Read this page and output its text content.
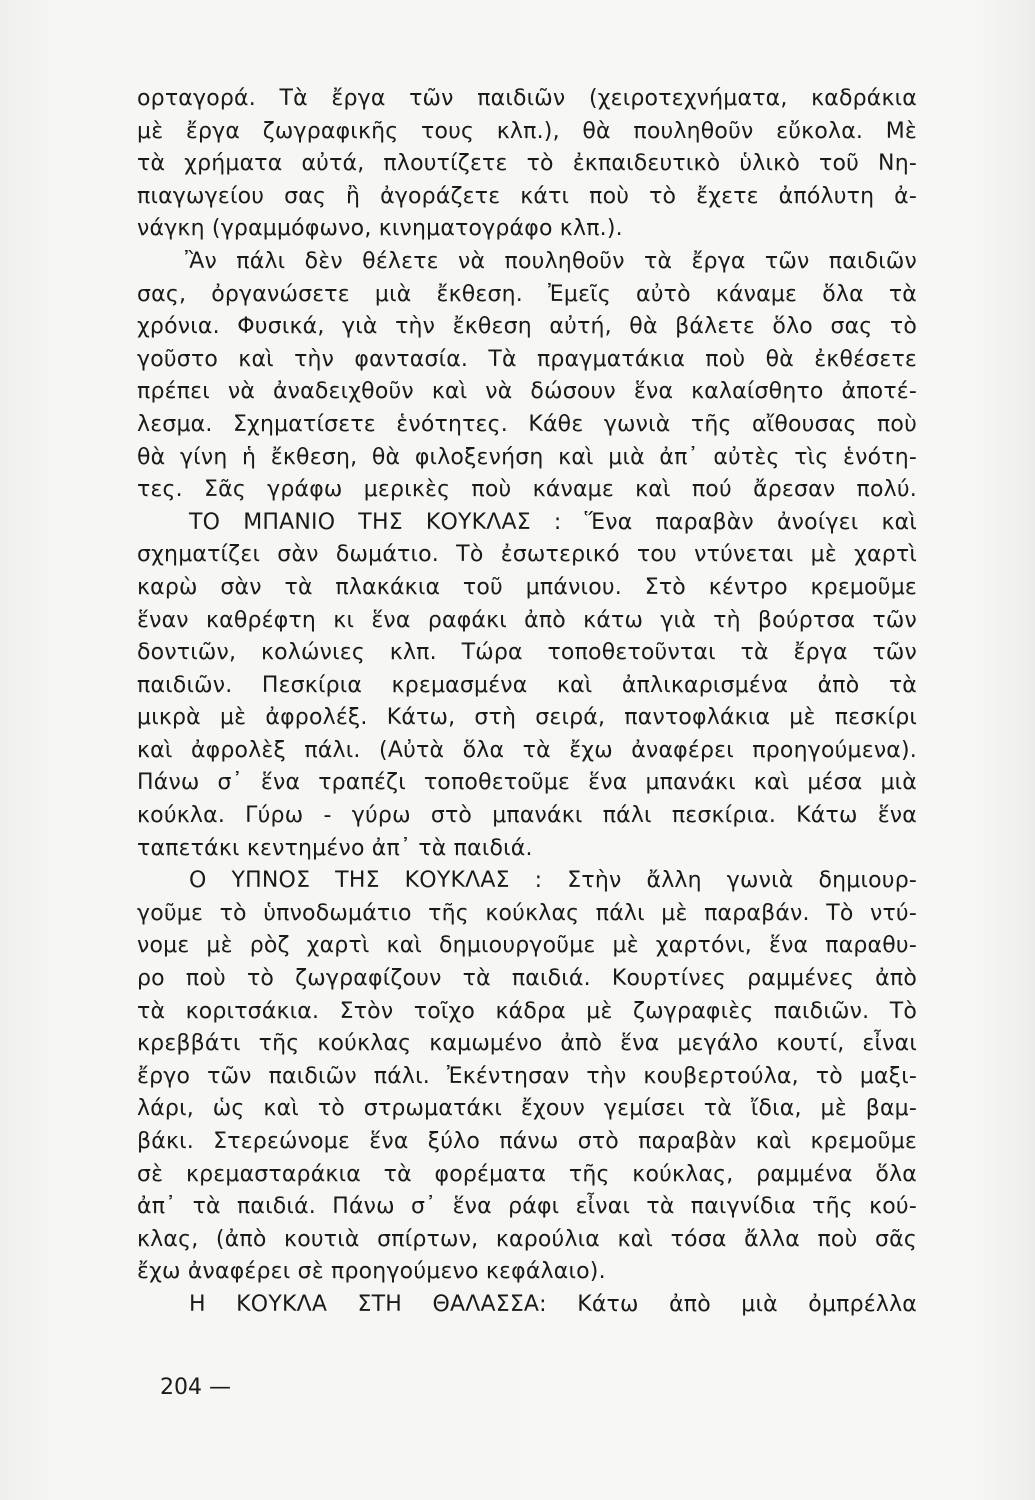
ορταγορά. Τὰ ἔργα τῶν παιδιῶν (χειροτεχνήματα, καδράκια
μὲ ἔργα ζωγραφικῆς τους κλπ.), θὰ πουληθοῦν εὔκολα. Μὲ
τὰ χρήματα αὐτά, πλουτίζετε τὸ ἐκπαιδευτικὸ ὑλικὸ τοῦ Νη-
πιαγωγείου σας ἢ ἀγοράζετε κάτι ποὺ τὸ ἔχετε ἀπόλυτη ἀ-
νάγκη (γραμμόφωνο, κινηματογράφο κλπ.).
Ἂν πάλι δὲν θέλετε νὰ πουληθοῦν τὰ ἔργα τῶν παιδιῶν
σας, ὀργανώσετε μιὰ ἔκθεση. Ἐμεῖς αὐτὸ κάναμε ὅλα τὰ
χρόνια. Φυσικά, γιὰ τὴν ἔκθεση αὐτή, θὰ βάλετε ὅλο σας τὸ
γοῦστο καὶ τὴν φαντασία. Τὰ πραγματάκια ποὺ θὰ ἐκθέσετε
πρέπει νὰ ἀναδειχθοῦν καὶ νὰ δώσουν ἕνα καλαίσθητο ἀποτέ-
λεσμα. Σχηματίσετε ἑνότητες. Κάθε γωνιὰ τῆς αἴθουσας ποὺ
θὰ γίνη ἡ ἔκθεση, θὰ φιλοξενήση καὶ μιὰ ἀπ᾽ αὐτὲς τὶς ἑνότη-
τες. Σᾶς γράφω μερικὲς ποὺ κάναμε καὶ πού ἄρεσαν πολύ.
ΤΟ ΜΠΑΝΙΟ ΤΗΣ ΚΟΥΚΛΑΣ : Ἕνα παραβὰν ἀνοίγει καὶ
σχηματίζει σὰν δωμάτιο. Τὸ ἐσωτερικό του ντύνεται μὲ χαρτὶ
καρὼ σὰν τὰ πλακάκια τοῦ μπάνιου. Στὸ κέντρο κρεμοῦμε
ἕναν καθρέφτη κι ἕνα ραφάκι ἀπὸ κάτω γιὰ τὴ βούρτσα τῶν
δοντιῶν, κολώνιες κλπ. Τώρα τοποθετοῦνται τὰ ἔργα τῶν
παιδιῶν. Πεσκίρια κρεμασμένα καὶ ἀπλικαρισμένα ἀπὸ τὰ
μικρὰ μὲ ἀφρολέξ. Κάτω, στὴ σειρά, παντοφλάκια μὲ πεσκίρι
καὶ ἀφρολὲξ πάλι. (Αὐτὰ ὅλα τὰ ἔχω ἀναφέρει προηγούμενα).
Πάνω σ᾽ ἕνα τραπέζι τοποθετοῦμε ἕνα μπανάκι καὶ μέσα μιὰ
κούκλα. Γύρω - γύρω στὸ μπανάκι πάλι πεσκίρια. Κάτω ἕνα
ταπετάκι κεντημένο ἀπ᾽ τὰ παιδιά.
Ο ΥΠΝΟΣ ΤΗΣ ΚΟΥΚΛΑΣ : Στὴν ἄλλη γωνιὰ δημιουρ-
γοῦμε τὸ ὑπνοδωμάτιο τῆς κούκλας πάλι μὲ παραβάν. Τὸ ντύ-
νομε μὲ ρὸζ χαρτὶ καὶ δημιουργοῦμε μὲ χαρτόνι, ἕνα παραθυ-
ρο ποὺ τὸ ζωγραφίζουν τὰ παιδιά. Κουρτίνες ραμμένες ἀπὸ
τὰ κοριτσάκια. Στὸν τοῖχο κάδρα μὲ ζωγραφιὲς παιδιῶν. Τὸ
κρεββάτι τῆς κούκλας καμωμένο ἀπὸ ἕνα μεγάλο κουτί, εἶναι
ἔργο τῶν παιδιῶν πάλι. Ἐκέντησαν τὴν κουβερτούλα, τὸ μαξι-
λάρι, ὡς καὶ τὸ στρωματάκι ἔχουν γεμίσει τὰ ἴδια, μὲ βαμ-
βάκι. Στερεώνομε ἕνα ξύλο πάνω στὸ παραβὰν καὶ κρεμοῦμε
σὲ κρεμασταράκια τὰ φορέματα τῆς κούκλας, ραμμένα ὅλα
ἀπ᾽ τὰ παιδιά. Πάνω σ᾽ ἕνα ράφι εἶναι τὰ παιγνίδια τῆς κού-
κλας, (ἀπὸ κουτιὰ σπίρτων, καρούλια καὶ τόσα ἄλλα ποὺ σᾶς
ἔχω ἀναφέρει σὲ προηγούμενο κεφάλαιο).
Η ΚΟΥΚΛΑ ΣΤΗ ΘΑΛΑΣΣΑ: Κάτω ἀπὸ μιὰ ὀμπρέλλα
204 —
